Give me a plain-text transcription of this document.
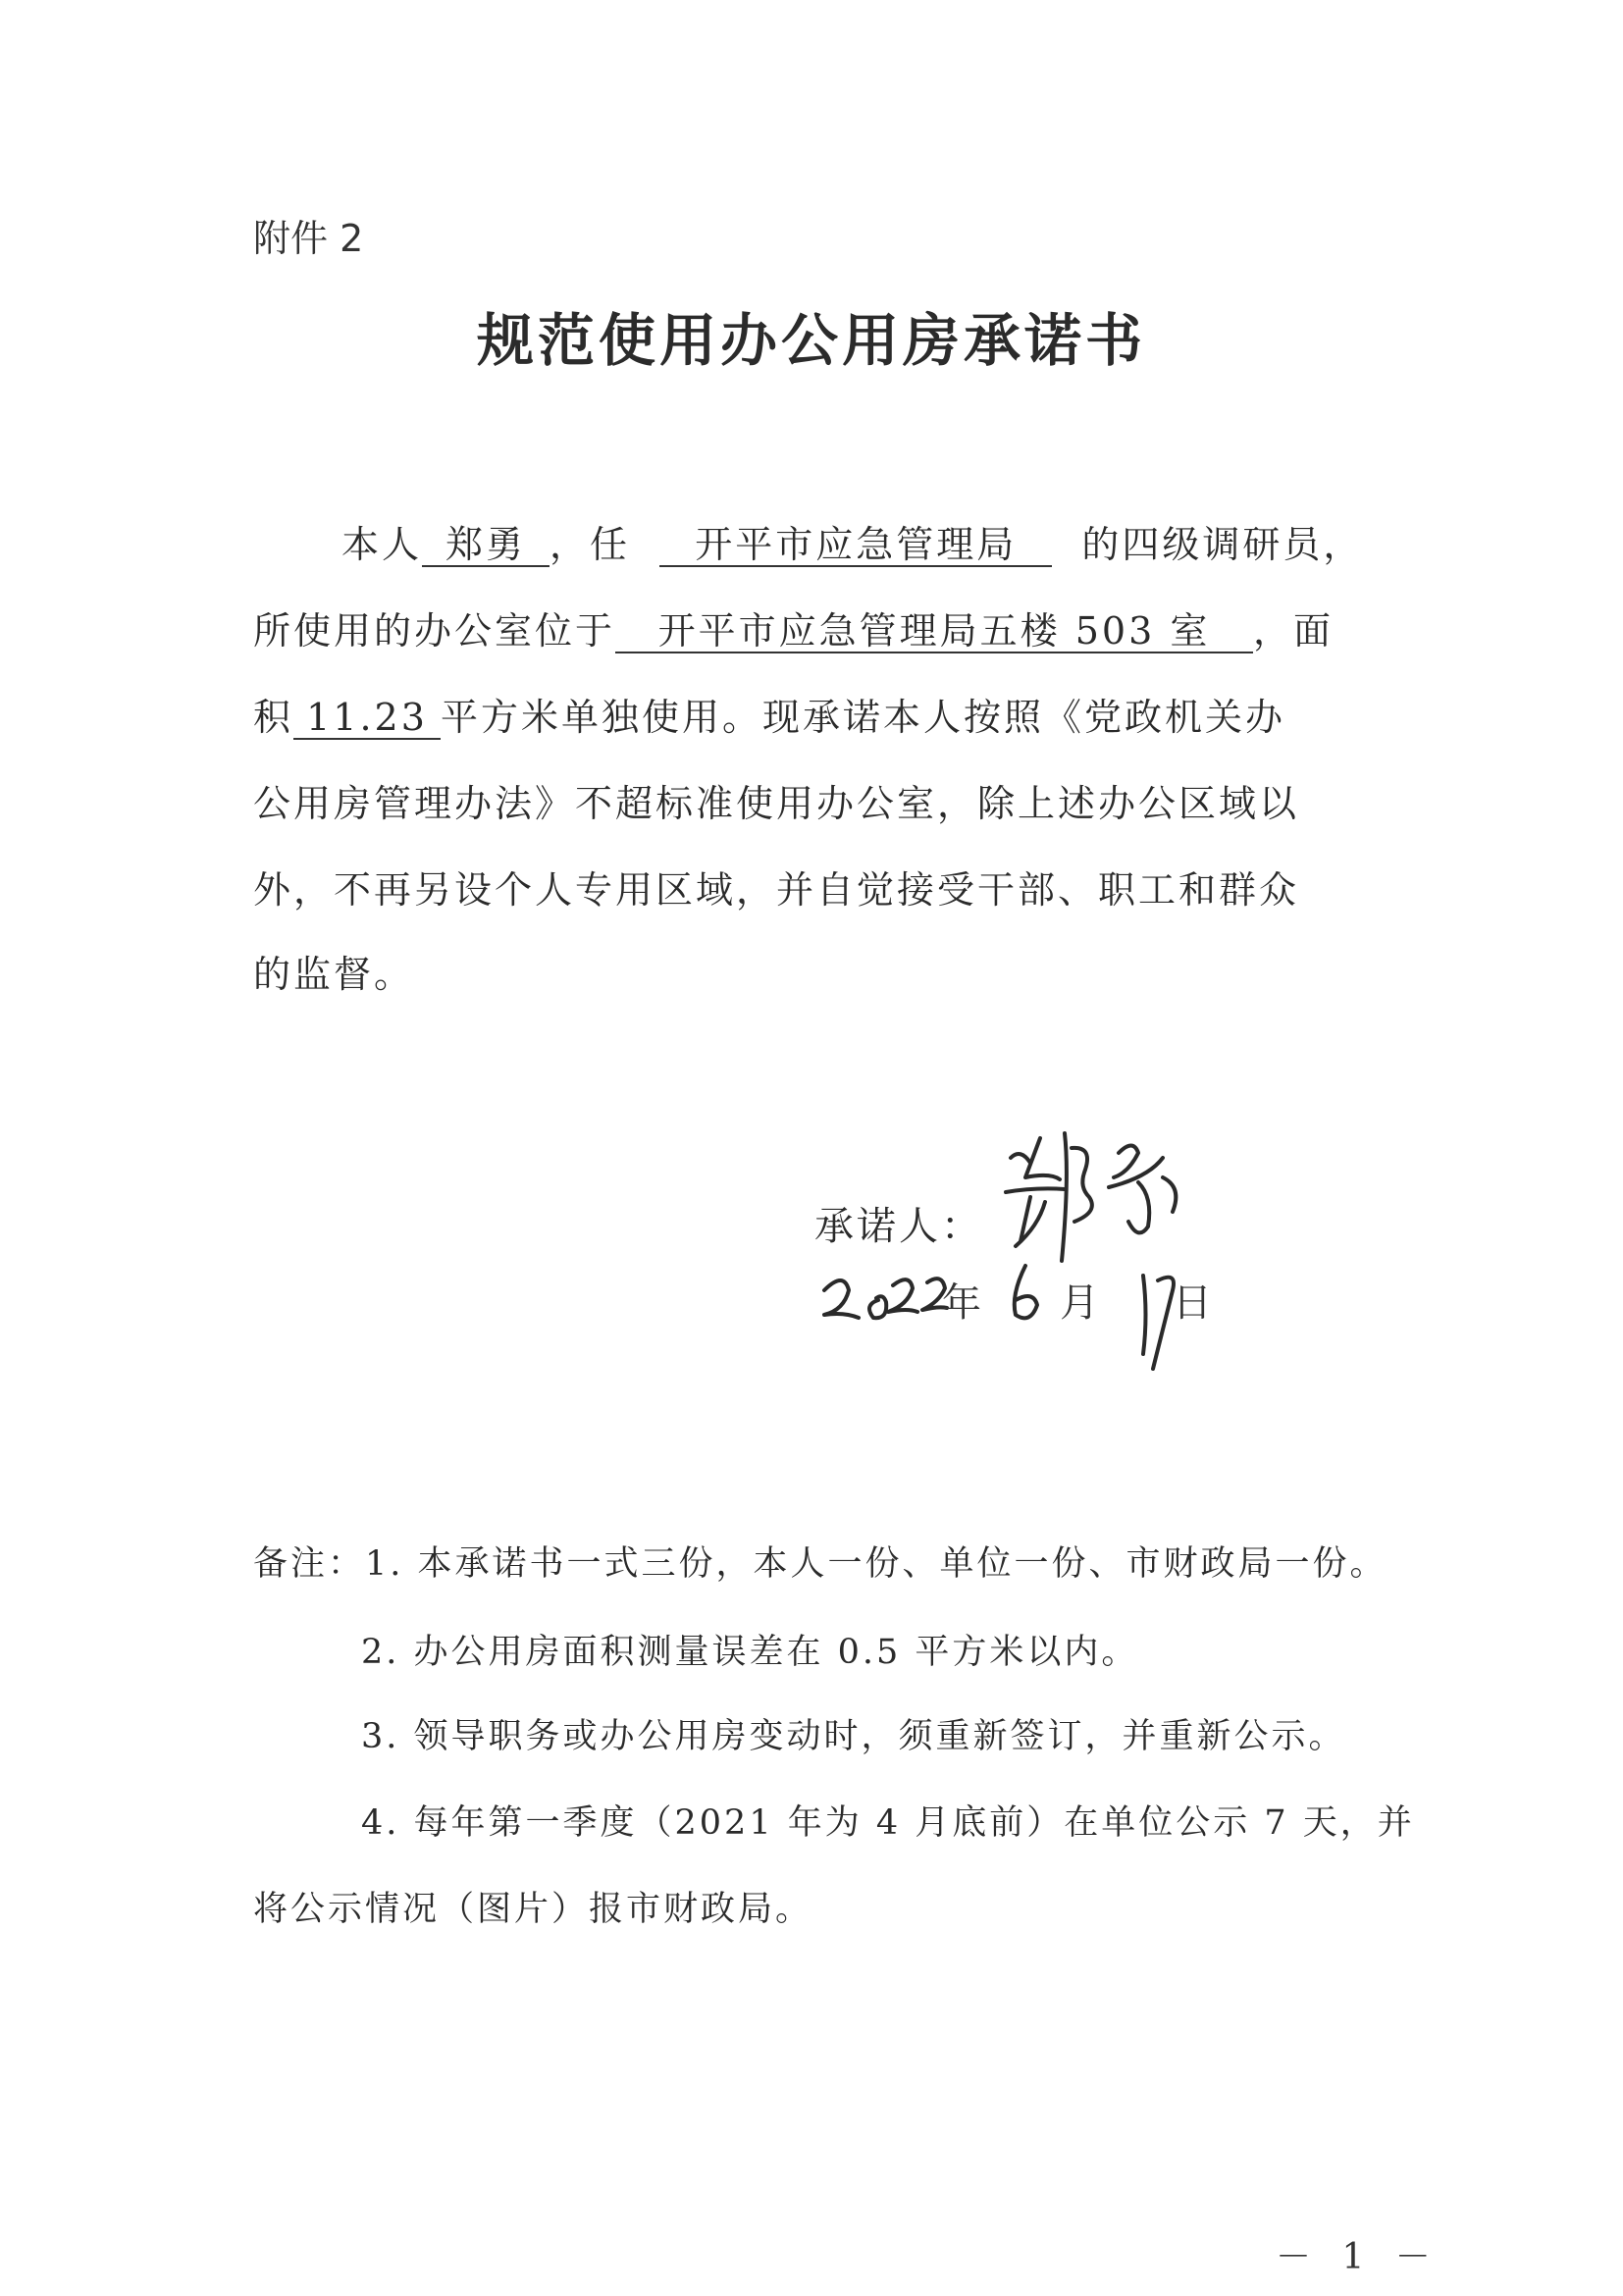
附件 2
规范使用办公用房承诺书
本人 郑勇 ，任 开平市应急管理局 的四级调研员，
所使用的办公室位于 开平市应急管理局五楼 503 室 ，面
积 11.23 平方米单独使用。现承诺本人按照《党政机关办
公用房管理办法》不超标准使用办公室，除上述办公区域以
外，不再另设个人专用区域，并自觉接受干部、职工和群众
的监督。
承诺人：
年 月 日
备注：1. 本承诺书一式三份，本人一份、单位一份、市财政局一份。
2. 办公用房面积测量误差在 0.5 平方米以内。
3. 领导职务或办公用房变动时，须重新签订，并重新公示。
4. 每年第一季度（2021 年为 4 月底前）在单位公示 7 天，并
将公示情况（图片）报市财政局。
－ 1 －
